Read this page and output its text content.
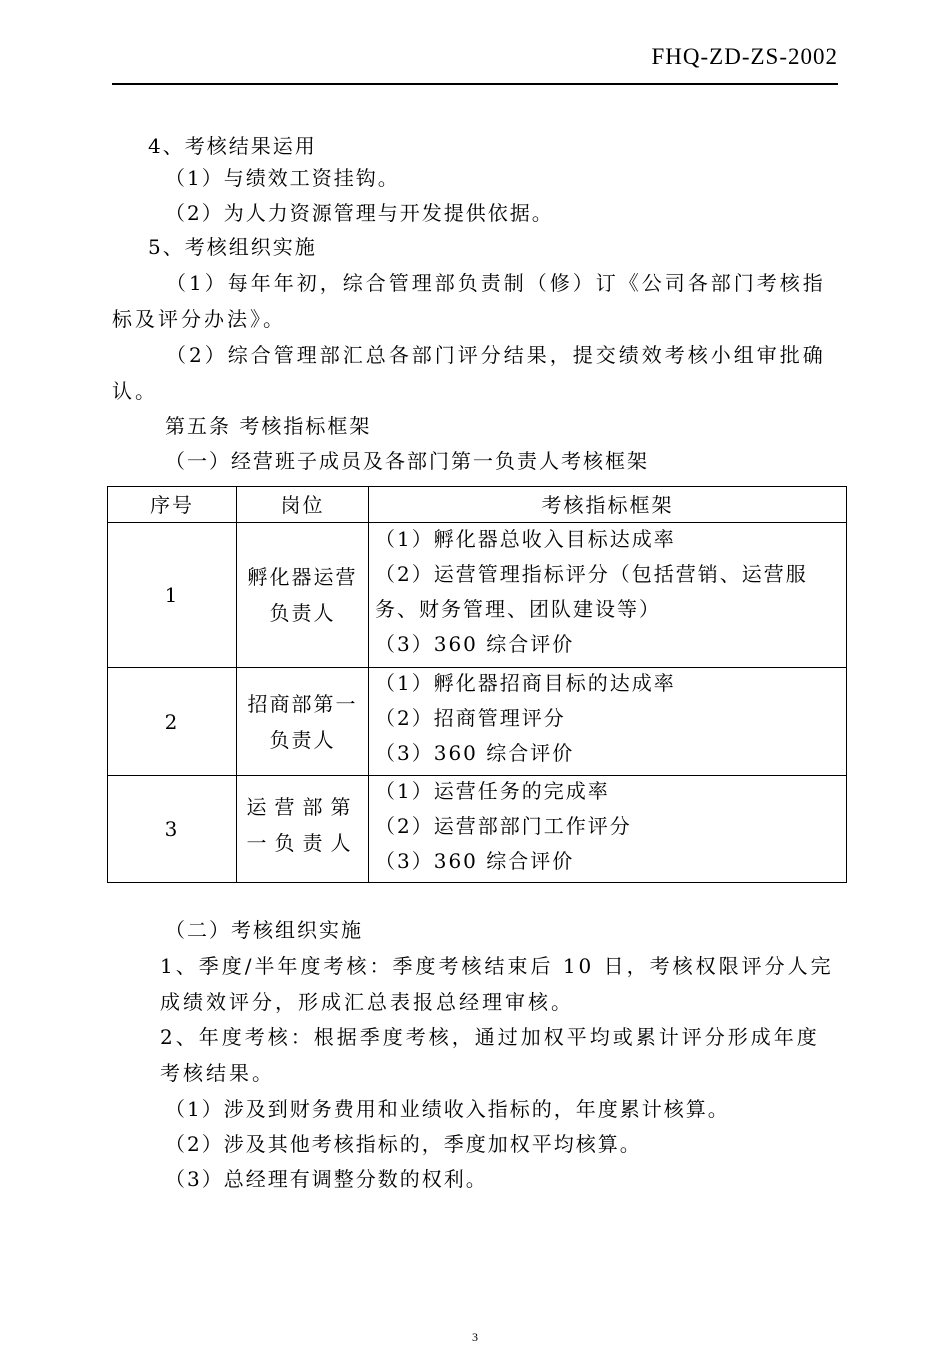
FHQ-ZD-ZS-2002
4、考核结果运用
（1）与绩效工资挂钩。
（2）为人力资源管理与开发提供依据。
5、考核组织实施
（1）每年年初，综合管理部负责制（修）订《公司各部门考核指标及评分办法》。
（2）综合管理部汇总各部门评分结果，提交绩效考核小组审批确认。
第五条 考核指标框架
（一）经营班子成员及各部门第一负责人考核框架
序号	岗位	考核指标框架
1	孵化器运营负责人	（1）孵化器总收入目标达成率
（2）运营管理指标评分（包括营销、运营服务、财务管理、团队建设等）
（3）360 综合评价

2	招商部第一负责人	（1）孵化器招商目标的达成率
（2）招商管理评分
（3）360 综合评价

3	运营部第一负责人	（1）运营任务的完成率
（2）运营部部门工作评分
（3）360 综合评价
（二）考核组织实施
1、季度/半年度考核：季度考核结束后 10 日，考核权限评分人完成绩效评分，形成汇总表报总经理审核。
2、年度考核：根据季度考核，通过加权平均或累计评分形成年度考核结果。
（1）涉及到财务费用和业绩收入指标的，年度累计核算。
（2）涉及其他考核指标的，季度加权平均核算。
（3）总经理有调整分数的权利。
3
